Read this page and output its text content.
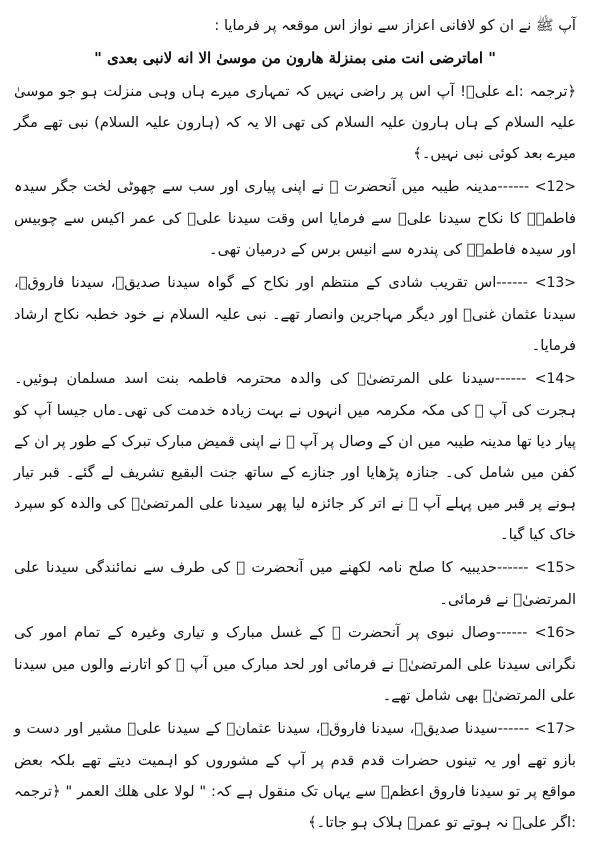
آپ ﷺ نے ان کو لافانی اعزاز سے نواز اس موقعہ پر فرمایا :

" اماترضى انت منى بمنزلة هارون من موسىٰ الا انه لانبى بعدى "

﴿ترجمہ :اے علیؓ! آپ اس پر راضی نہیں کہ تمہاری میرے ہاں وہی منزلت ہو جو موسیٰ علیہ السلام کے ہاں ہارون علیہ السلام کی تھی الا یہ کہ (ہارون علیہ السلام) نبی تھے مگر میرے بعد کوئی نبی نہیں۔﴾

<12> ------مدینہ طیبہ میں آنحضرت ﷺ نے اپنی پیاری اور سب سے چھوٹی لخت جگر سیدہ فاطمہؓ کا نکاح سیدنا علیؓ سے فرمایا اس وقت سیدنا علیؓ کی عمر اکیس سے چوبیس اور سیدہ فاطمہؓ کی پندرہ سے انیس برس کے درمیان تھی۔

<13> ------اس تقریب شادی کے منتظم اور نکاح کے گواہ سیدنا صدیقؓ، سیدنا فاروقؓ، سیدنا عثمان غنیؓ اور دیگر مہاجرین وانصار تھے۔ نبی علیہ السلام نے خود خطبہ نکاح ارشاد فرمایا۔

<14> ------سیدنا علی المرتضیٰؓ کی والدہ محترمہ فاطمہ بنت اسد مسلمان ہوئیں۔ ہجرت کی آپ ﷺ کی مکہ مکرمہ میں انہوں نے بہت زیادہ خدمت کی تھی۔ماں جیسا آپ کو پیار دیا تھا مدینہ طیبہ میں ان کے وصال پر آپ ﷺ نے اپنی قمیض مبارک تبرک کے طور پر ان کے کفن میں شامل کی۔ جنازہ پڑھایا اور جنازے کے ساتھ جنت البقیع تشریف لے گئے۔ قبر تیار ہونے پر قبر میں پہلے آپ ﷺ نے اتر کر جائزہ لیا پھر سیدنا علی المرتضیٰؓ کی والدہ کو سپرد خاک کیا گیا۔

<15> ------حدیبیہ کا صلح نامہ لکھنے میں آنحضرت ﷺ کی طرف سے نمائندگی سیدنا علی المرتضیٰؓ نے فرمائی۔

<16> ------وصال نبوی پر آنحضرت ﷺ کے غسل مبارک و تیاری وغیرہ کے تمام امور کی نگرانی سیدنا علی المرتضیٰؓ نے فرمائی اور لحد مبارک میں آپ ﷺ کو اتارنے والوں میں سیدنا علی المرتضیٰؓ بھی شامل تھے۔

<17> ------سیدنا صدیقؓ، سیدنا فاروقؓ، سیدنا عثمانؓ کے سیدنا علیؓ مشیر اور دست و بازو تھے اور یہ تینوں حضرات قدم قدم پر آپ کے مشوروں کو اہمیت دیتے تھے بلکہ بعض مواقع پر تو سیدنا فاروق اعظمؓ سے یہاں تک منقول ہے کہ: " لولا على هلك العمر " ﴿ترجمہ :اگر علیؓ نہ ہوتے تو عمرؓ ہلاک ہو جاتا۔﴾
